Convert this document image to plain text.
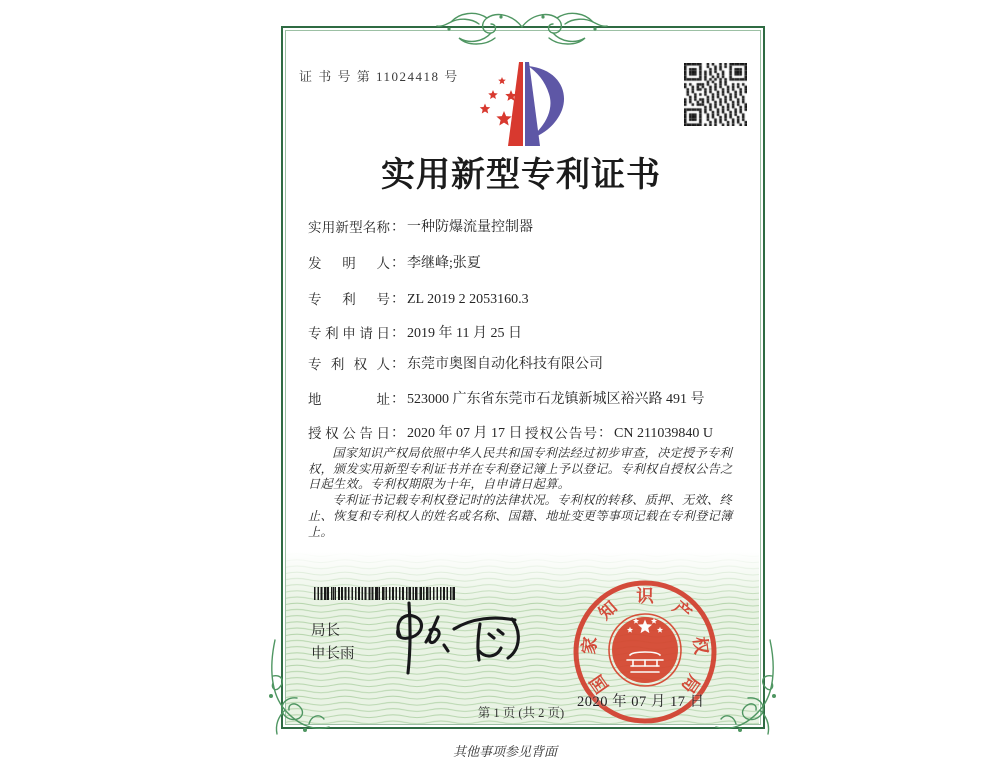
证 书 号 第 11024418 号
实用新型专利证书
实用新型名称： 一种防爆流量控制器
发明人： 李继峰;张夏
专利号： ZL 2019 2 2053160.3
专利申请日： 2019 年 11 月 25 日
专利权人： 东莞市奥图自动化科技有限公司
地址： 523000 广东省东莞市石龙镇新城区裕兴路 491 号
授权公告日： 2020 年 07 月 17 日 授权公告号： CN 211039840 U

国家知识产权局依照中华人民共和国专利法经过初步审查，决定授予专利权，颁发实用新型专利证书并在专利登记簿上予以登记。专利权自授权公告之日起生效。专利权期限为十年，自申请日起算。

专利证书记载专利权登记时的法律状况。专利权的转移、质押、无效、终止、恢复和专利权人的姓名或名称、国籍、地址变更等事项记载在专利登记簿上。

局长
申长雨
国
家
知
识
产
权
局
2020 年 07 月 17 日
第 1 页 (共 2 页)
其他事项参见背面
